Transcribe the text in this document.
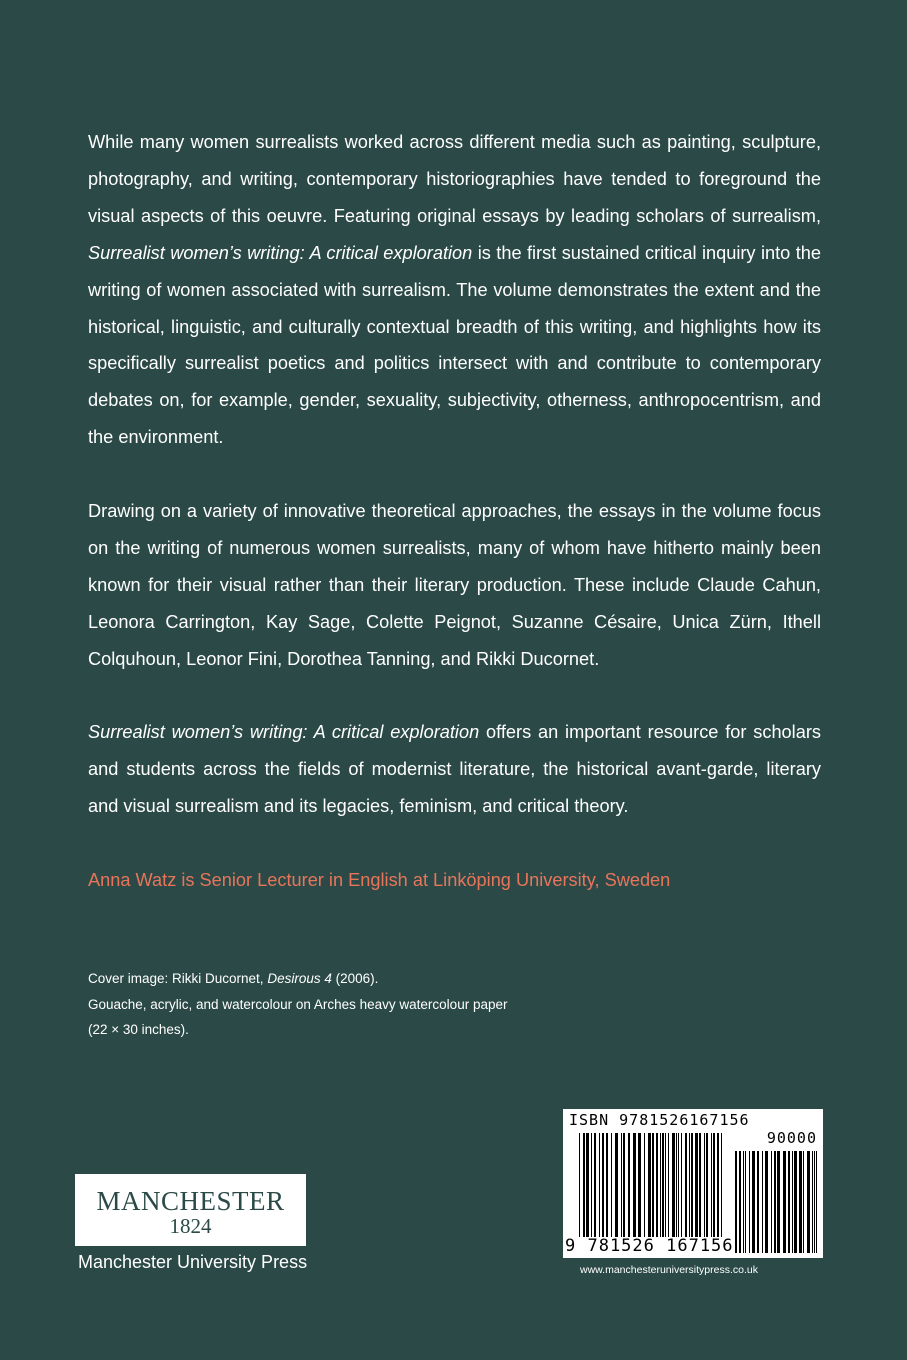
While many women surrealists worked across different media such as painting, sculpture, photography, and writing, contemporary historiographies have tended to foreground the visual aspects of this oeuvre. Featuring original essays by leading scholars of surrealism, Surrealist women’s writing: A critical exploration is the first sustained critical inquiry into the writing of women associated with surrealism. The volume demonstrates the extent and the historical, linguistic, and culturally contextual breadth of this writing, and highlights how its specifically surrealist poetics and politics intersect with and contribute to contemporary debates on, for example, gender, sexuality, subjectivity, otherness, anthropocentrism, and the environment.

Drawing on a variety of innovative theoretical approaches, the essays in the volume focus on the writing of numerous women surrealists, many of whom have hitherto mainly been known for their visual rather than their literary production. These include Claude Cahun, Leonora Carrington, Kay Sage, Colette Peignot, Suzanne Césaire, Unica Zürn, Ithell Colquhoun, Leonor Fini, Dorothea Tanning, and Rikki Ducornet.

Surrealist women’s writing: A critical exploration offers an important resource for scholars and students across the fields of modernist literature, the historical avant-garde, literary and visual surrealism and its legacies, feminism, and critical theory.

Anna Watz is Senior Lecturer in English at Linköping University, Sweden

Cover image: Rikki Ducornet, Desirous 4 (2006).
Gouache, acrylic, and watercolour on Arches heavy watercolour paper (22 × 30 inches).

MANCHESTER
1824
Manchester University Press
ISBN 9781526167156
90000
9 781526 167156
www.manchesteruniversitypress.co.uk
